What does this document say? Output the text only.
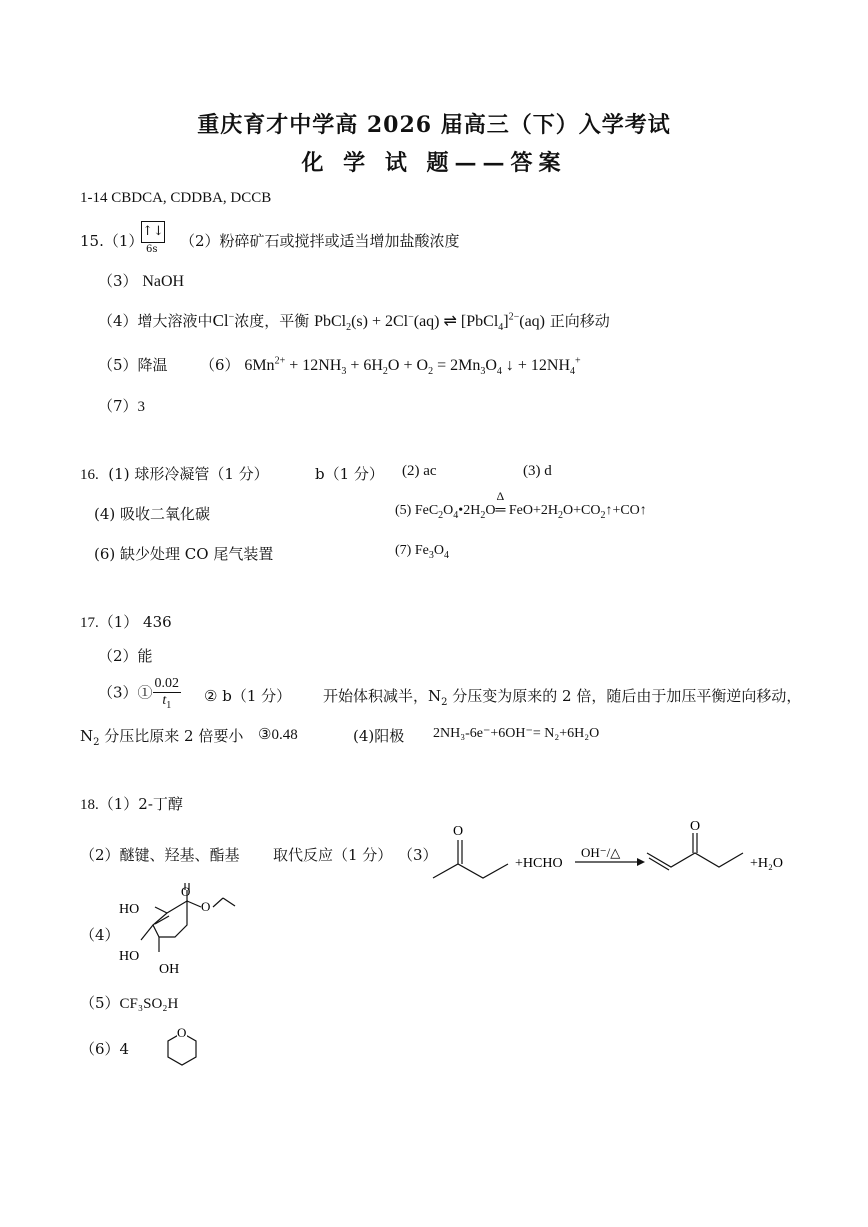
重庆育才中学高 2026 届高三（下）入学考试
化 学 试 题——答案
1-14 CBDCA, CDDBA, DCCB
15.（1）
↑↓
6s （2）粉碎矿石或搅拌或适当增加盐酸浓度
（3） NaOH
（4）增大溶液中Cl−浓度，平衡 PbCl$_2$(s) + 2Cl−(aq) ⇌ [PbCl$_4$]$^{2-}$(aq) 正向移动
（5）降温 （6） $6Mn^{2+} + 12NH_3 + 6H_2O + O_2 = 2Mn_3O_4$ ↓ + $12NH_4^+$
（7）3
16. (1) 球形冷凝管（1 分）	b（1 分） (2) ac	(3) d
(4) 吸收二氧化碳	(5) $FeC_2O_4•2H_2O$
Δ
═ $FeO+2H_2O+CO_2↑+CO↑$
(6) 缺少处理 CO 尾气装置	(7) $Fe_3O_4$
17.（1） 436
（2）能
（3）① $\frac{0.02}{t_1}$ ② b（1 分） 开始体积减半，$N_2$ 分压变为原来的 2 倍，随后由于加压平衡逆向移动，
$N_2$ 分压比原来 2 倍要小 ③0.48	(4)阳极 2NH₃-6e⁻+6OH⁻= N₂+6H₂O
18.（1）2-丁醇
（2）醚键、羟基、酯基 取代反应（1 分） （3）
O
+HCHO
OH⁻/△
O
+H₂O
（4）
HO
HO
OH
O
O
（5）CF₃SO₂H
（6）4
O
